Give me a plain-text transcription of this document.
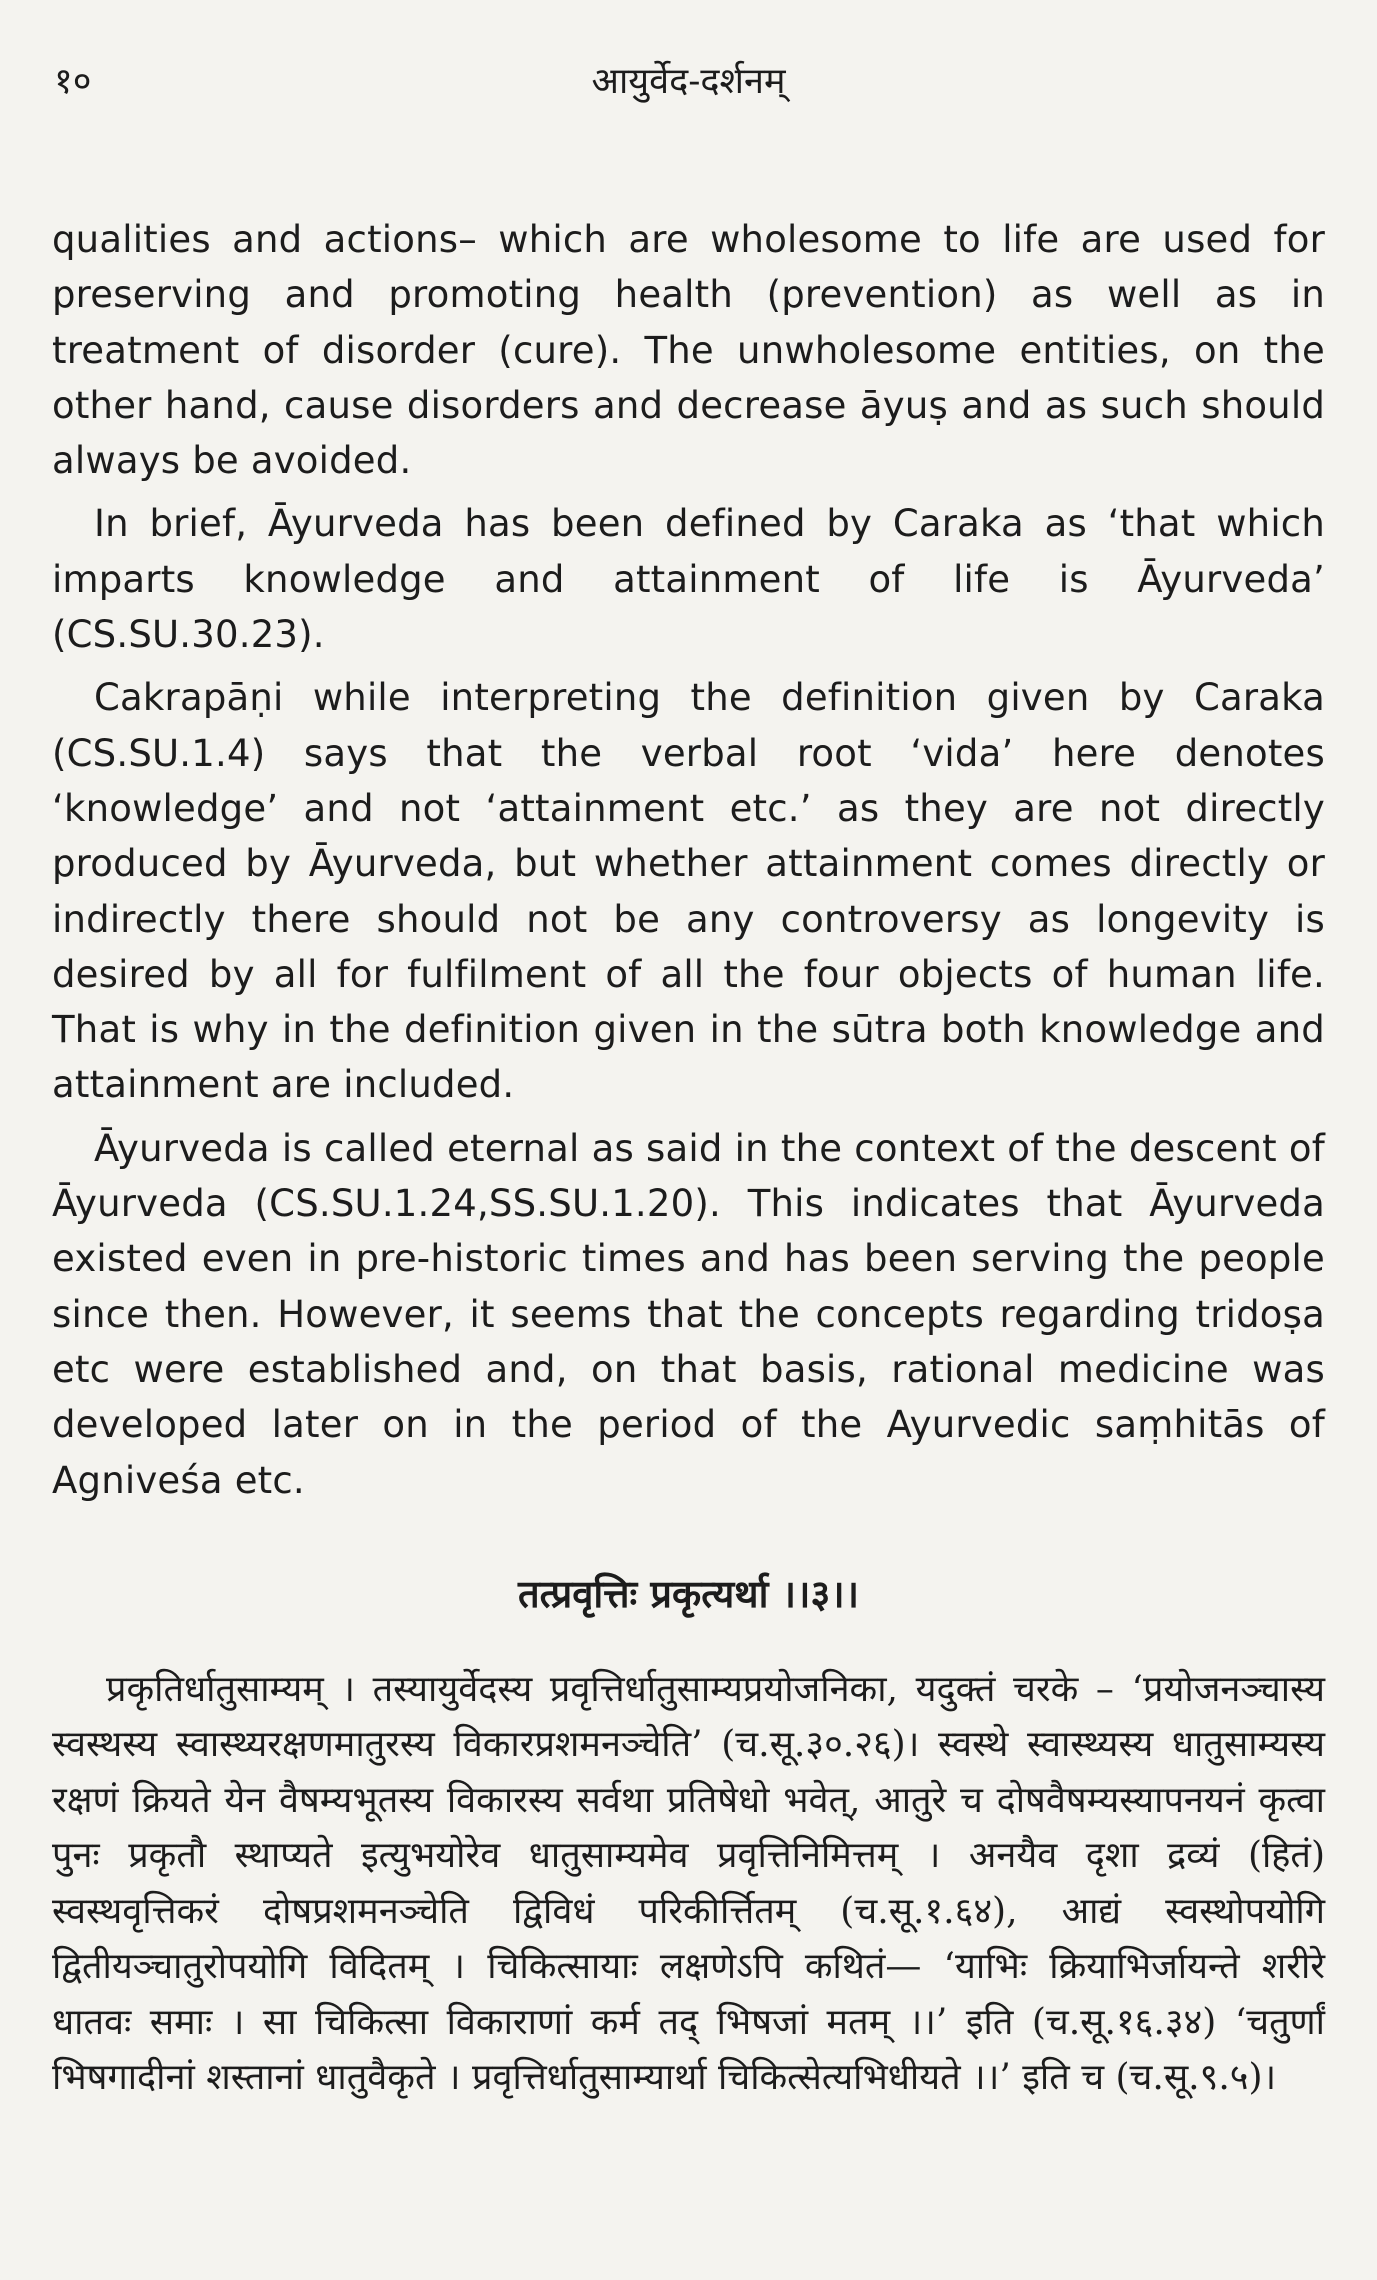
१०	आयुर्वेद-दर्शनम्

qualities and actions– which are wholesome to life are used for preserving and promoting health (prevention) as well as in treatment of disorder (cure). The unwholesome entities, on the other hand, cause disorders and decrease āyuṣ and as such should always be avoided.

In brief, Āyurveda has been defined by Caraka as ‘that which imparts knowledge and attainment of life is Āyurveda’ (CS.SU.30.23).

Cakrapāṇi while interpreting the definition given by Caraka (CS.SU.1.4) says that the verbal root ‘vida’ here denotes ‘knowledge’ and not ‘attainment etc.’ as they are not directly produced by Āyurveda, but whether attainment comes directly or indirectly there should not be any controversy as longevity is desired by all for fulfilment of all the four objects of human life. That is why in the definition given in the sūtra both knowledge and attainment are included.

Āyurveda is called eternal as said in the context of the descent of Āyurveda (CS.SU.1.24,SS.SU.1.20). This indicates that Āyurveda existed even in pre-historic times and has been serving the people since then. However, it seems that the concepts regarding tridoṣa etc were established and, on that basis, rational medicine was developed later on in the period of the Ayurvedic saṃhitās of Agniveśa etc.

तत्प्रवृत्तिः प्रकृत्यर्था ।।३।।

प्रकृतिर्धातुसाम्यम् । तस्यायुर्वेदस्य प्रवृत्तिर्धातुसाम्यप्रयोजनिका, यदुक्तं चरके – ‘प्रयोजनञ्चास्य स्वस्थस्य स्वास्थ्यरक्षणमातुरस्य विकारप्रशमनञ्चेति’ (च.सू.३०.२६)। स्वस्थे स्वास्थ्यस्य धातुसाम्यस्य रक्षणं क्रियते येन वैषम्यभूतस्य विकारस्य सर्वथा प्रतिषेधो भवेत्, आतुरे च दोषवैषम्यस्यापनयनं कृत्वा पुनः प्रकृतौ स्थाप्यते इत्युभयोरेव धातुसाम्यमेव प्रवृत्तिनिमित्तम् । अनयैव दृशा द्रव्यं (हितं) स्वस्थवृत्तिकरं दोषप्रशमनञ्चेति द्विविधं परिकीर्त्तितम् (च.सू.१.६४), आद्यं स्वस्थोपयोगि द्वितीयञ्चातुरोपयोगि विदितम् । चिकित्सायाः लक्षणेऽपि कथितं— ‘याभिः क्रियाभिर्जायन्ते शरीरे धातवः समाः । सा चिकित्सा विकाराणां कर्म तद् भिषजां मतम् ।।’ इति (च.सू.१६.३४) ‘चतुर्णां भिषगादीनां शस्तानां धातुवैकृते । प्रवृत्तिर्धातुसाम्यार्था चिकित्सेत्यभिधीयते ।।’ इति च (च.सू.९.५)।
